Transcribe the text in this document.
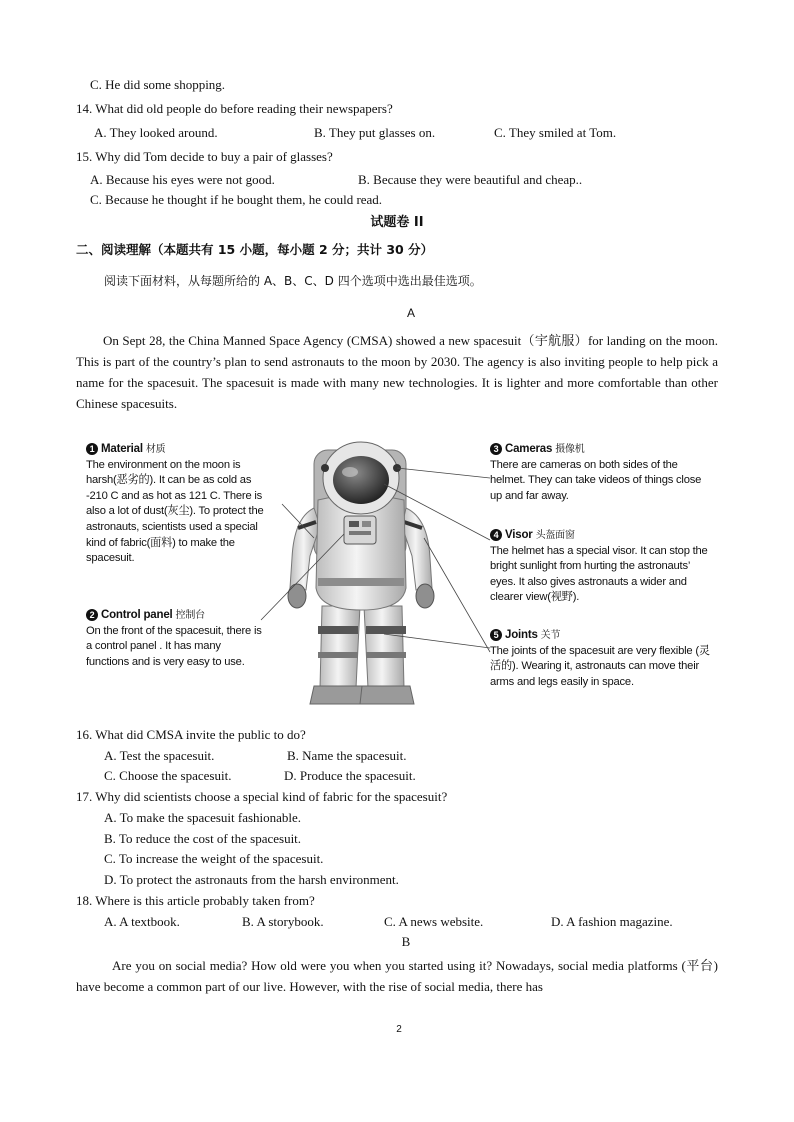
C. He did some shopping.
14. What did old people do before reading their newspapers?
A. They looked around.	B. They put glasses on.	C. They smiled at Tom.
15. Why did Tom decide to buy a pair of glasses?
A. Because his eyes were not good.	B. Because they were beautiful and cheap..
C. Because he thought if he bought them, he could read.
试题卷 II
二、阅读理解（本题共有 15 小题，每小题 2 分；共计 30 分）
阅读下面材料，从每题所给的 A、B、C、D 四个选项中选出最佳选项。
A
On Sept 28, the China Manned Space Agency (CMSA) showed a new spacesuit（宇航服）for landing on the moon. This is part of the country’s plan to send astronauts to the moon by 2030. The agency is also inviting people to help pick a name for the spacesuit. The spacesuit is made with many new technologies. It is lighter and more comfortable than other Chinese spacesuits.
1 Material 材质
The environment on the moon is harsh(恶劣的). It can be as cold as -210 C and as hot as 121 C. There is also a lot of dust(灰尘). To protect the astronauts, scientists used a special kind of fabric(面料) to make the spacesuit.
2 Control panel 控制台
On the front of the spacesuit, there is a control panel . It has many functions and is very easy to use.
3 Cameras 摄像机
There are cameras on both sides of the helmet. They can take videos of things close up and far away.
4 Visor 头盔面窗
The helmet has a special visor. It can stop the bright sunlight from hurting the astronauts’ eyes. It also gives astronauts a wider and clearer view(视野).
5 Joints 关节
The joints of the spacesuit are very flexible (灵活的). Wearing it, astronauts can move their arms and legs easily in space.
16. What did CMSA invite the public to do?
A. Test the spacesuit.	B. Name the spacesuit.
C. Choose the spacesuit.	D. Produce the spacesuit.
17. Why did scientists choose a special kind of fabric for the spacesuit?
A. To make the spacesuit fashionable.
B. To reduce the cost of the spacesuit.
C. To increase the weight of the spacesuit.
D. To protect the astronauts from the harsh environment.
18. Where is this article probably taken from?
A. A textbook.	B. A storybook.	C. A news website.	D. A fashion magazine.
B
Are you on social media? How old were you when you started using it? Nowadays, social media platforms (平台) have become a common part of our live. However, with the rise of social media, there has
2
